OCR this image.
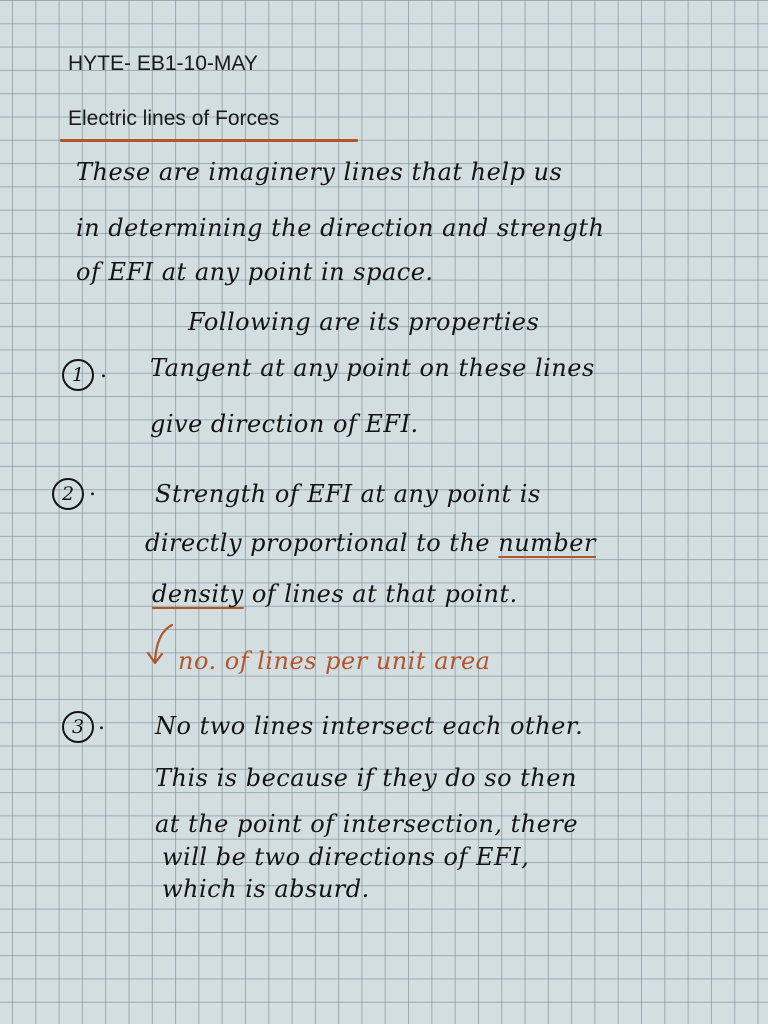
HYTE- EB1-10-MAY
Electric lines of Forces
These are imaginery lines that help us
in determining the direction and strength
of EFI at any point in space.
Following are its properties
1 . Tangent at any point on these lines
give direction of EFI.
2 . Strength of EFI at any point is
directly proportional to the number
density of lines at that point.
no. of lines per unit area
3 . No two lines intersect each other.
This is because if they do so then
at the point of intersection, there
will be two directions of EFI,
which is absurd.
